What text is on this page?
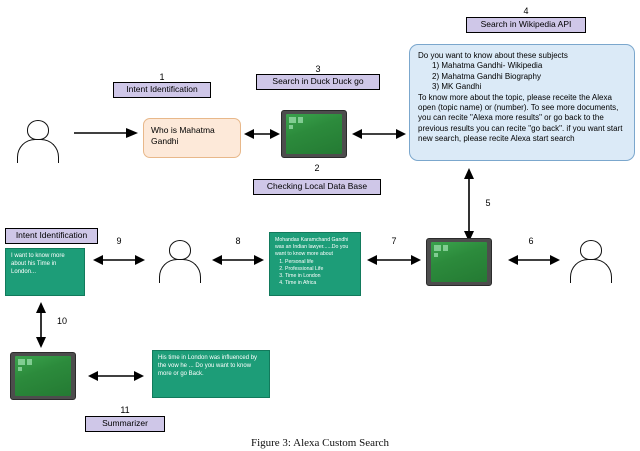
4
Search in Wikipedia API
Do you want to know about these subjects
1) Mahatma Gandhi- Wikipedia
2) Mahatma Gandhi Biography
3) MK Gandhi
To know more about the topic, please receite the Alexa open (topic name) or (number). To see more documents, you can recite "Alexa more results" or go back to the previous results you can recite "go back". if you want start new search, please recite Alexa start search
3
Search in Duck Duck go
1
Intent Identification
Who is Mahatma Gandhi
2
Checking Local Data Base
5
6
7
Mohandas Karamchand Gandhi was an Indian lawyer......Do you want to know more about
1. Personal life
2. Professional Life
3. Time in London
4. Time in Africa
8
9
Intent Identification
I want to know more about his Time in London...
10
His time in London was influenced by the vow he ... Do you want to know more or go Back.
11
Summarizer
Figure 3: Alexa Custom Search
